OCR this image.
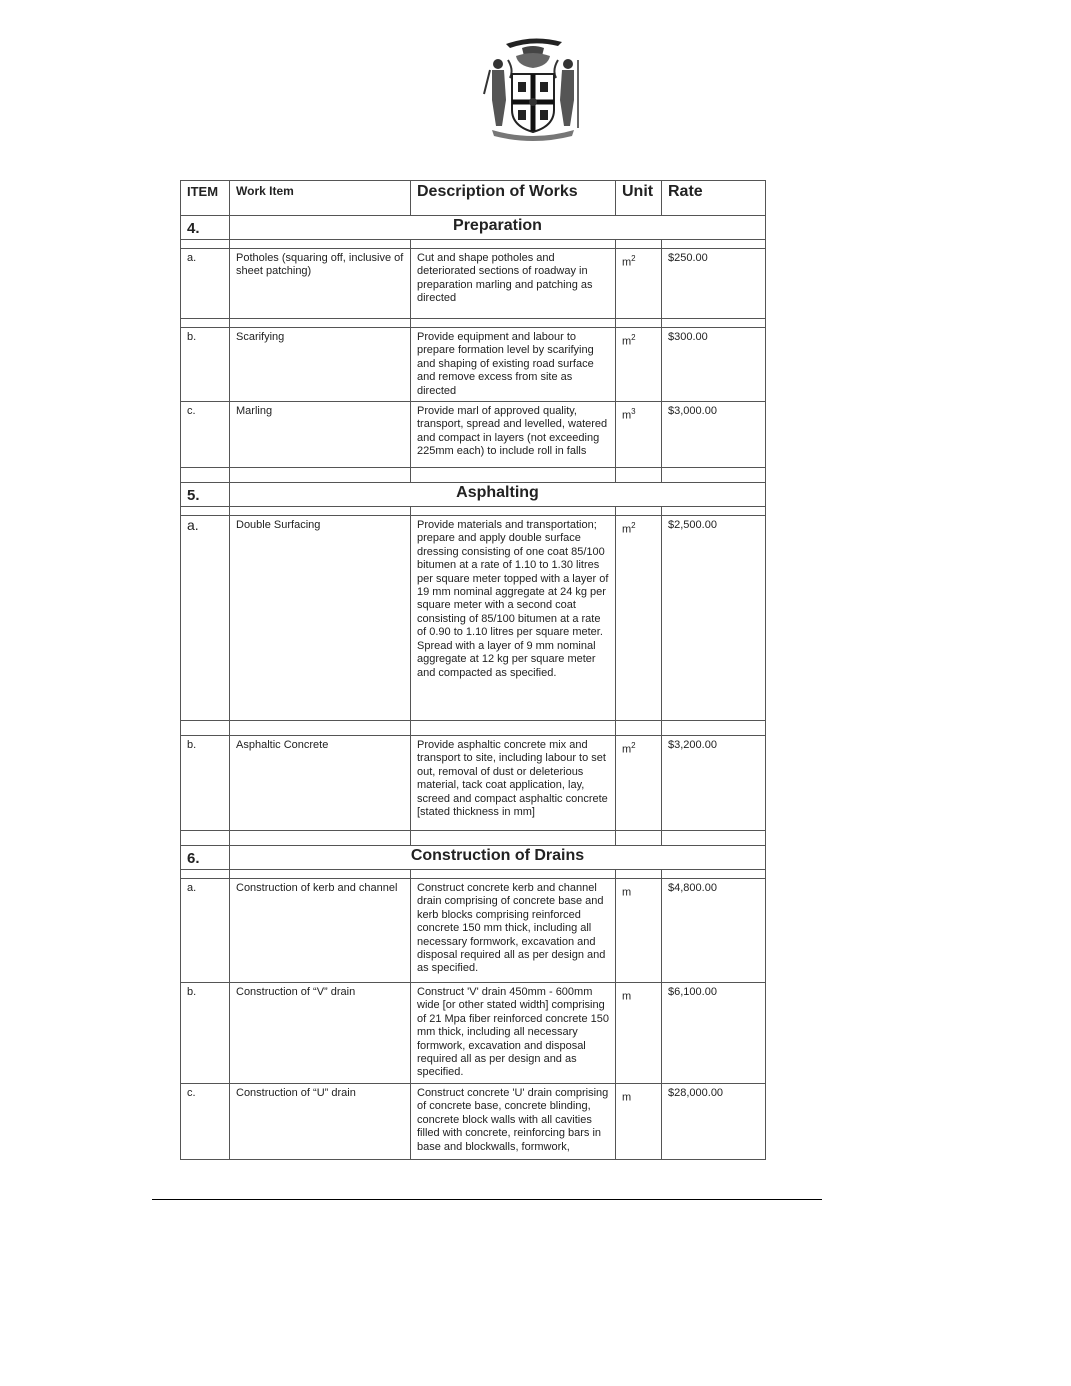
ITEM	Work Item	Description of Works	Unit	Rate
4.	Preparation			

a.	Potholes (squaring off, inclusive of sheet patching)	Cut and shape potholes and deteriorated sections of roadway in preparation marling and patching as directed	$m^2$	$250.00

b.	Scarifying	Provide equipment and labour to prepare formation level by scarifying and shaping of existing road surface and remove excess from site as directed	$m^2$	$300.00
c.	Marling	Provide marl of approved quality, transport, spread and levelled, watered and compact in layers (not exceeding 225mm each) to include roll in falls	$m^3$	$3,000.00

5.	Asphalting			

a.	Double Surfacing	Provide materials and transportation; prepare and apply double surface dressing consisting of one coat 85/100 bitumen at a rate of 1.10 to 1.30 litres per square meter topped with a layer of 19 mm nominal aggregate at 24 kg per square meter with a second coat consisting of 85/100 bitumen at a rate of 0.90 to 1.10 litres per square meter. Spread with a layer of 9 mm nominal aggregate at 12 kg per square meter and compacted as specified.	$m^2$	$2,500.00

b.	Asphaltic Concrete	Provide asphaltic concrete mix and transport to site, including labour to set out, removal of dust or deleterious material, tack coat application, lay, screed and compact asphaltic concrete [stated thickness in mm]	$m^2$	$3,200.00

6.	Construction of Drains			

a.	Construction of kerb and channel	Construct concrete kerb and channel drain comprising of concrete base and kerb blocks comprising reinforced concrete 150 mm thick, including all necessary formwork, excavation and disposal required all as per design and as specified.	m	$4,800.00
b.	Construction of “V” drain	Construct 'V' drain 450mm - 600mm wide [or other stated width] comprising of 21 Mpa fiber reinforced concrete 150 mm thick, including all necessary formwork, excavation and disposal required all as per design and as specified.	m	$6,100.00
c.	Construction of “U” drain	Construct concrete 'U' drain comprising of concrete base, concrete blinding, concrete block walls with all cavities filled with concrete, reinforcing bars in base and blockwalls, formwork,	m	$28,000.00
